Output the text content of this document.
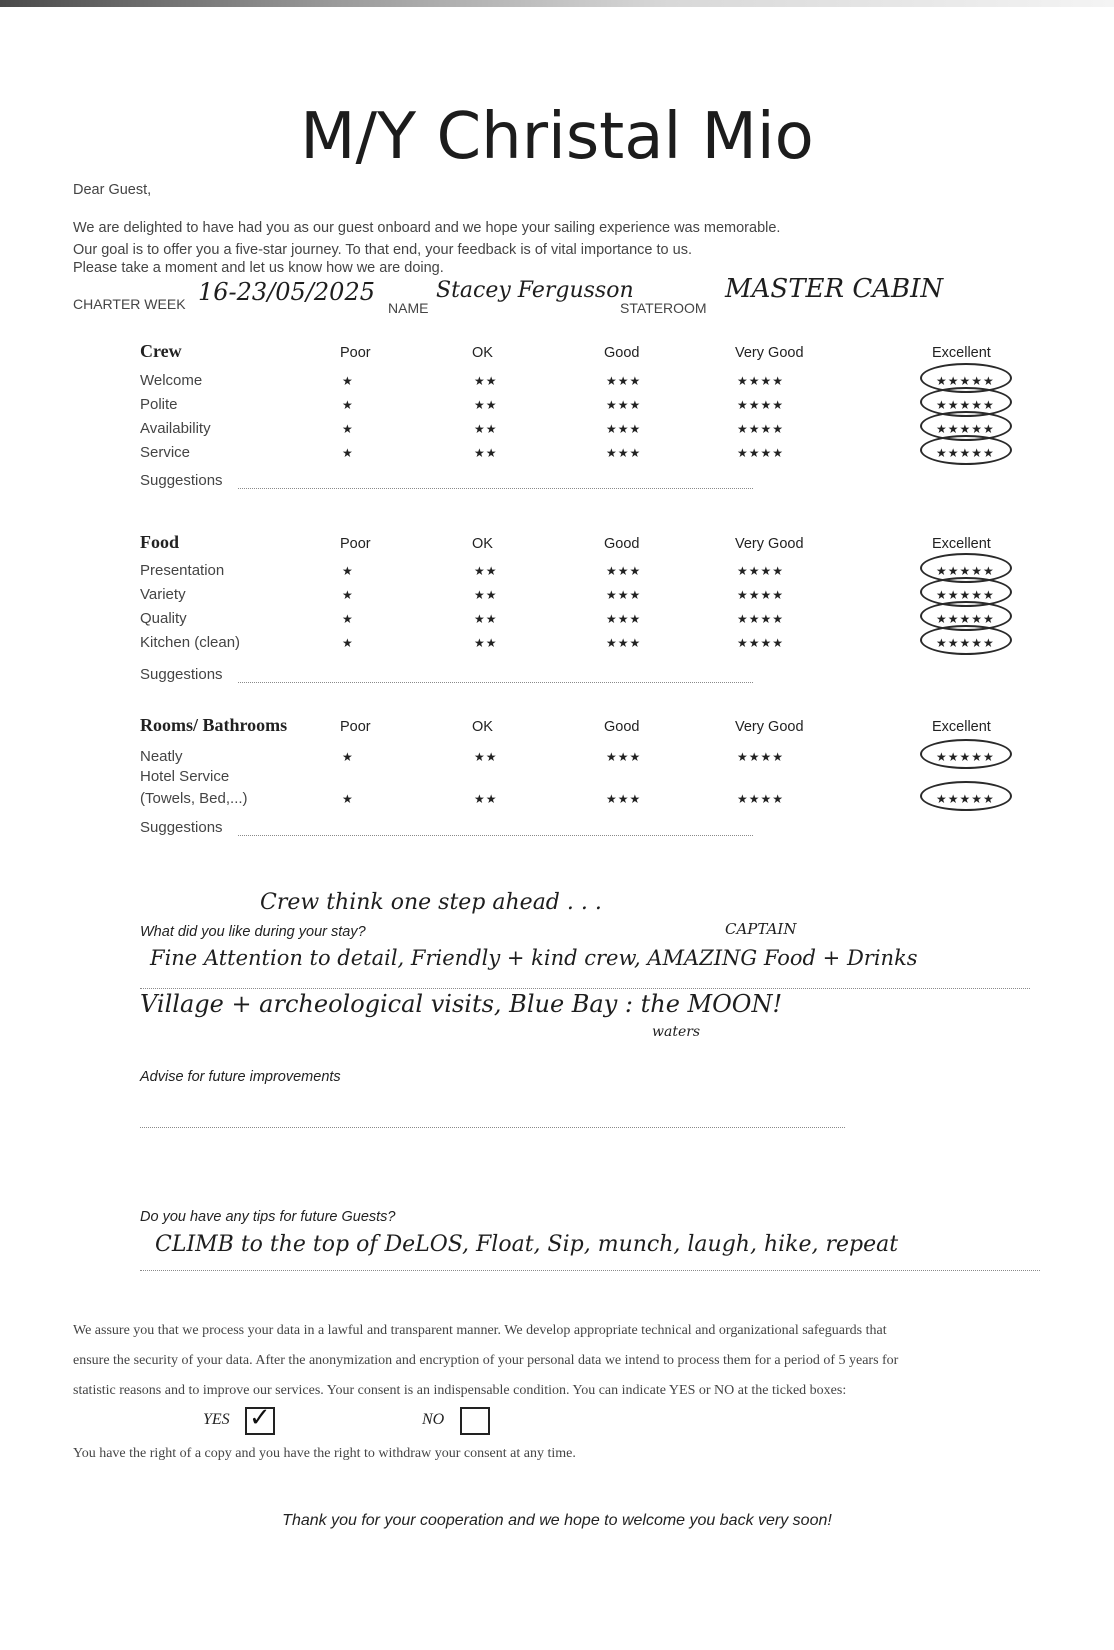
M/Y Christal Mio
Dear Guest,
We are delighted to have had you as our guest onboard and we hope your sailing experience was memorable.
Our goal is to offer you a five-star journey. To that end, your feedback is of vital importance to us.
Please take a moment and let us know how we are doing.
CHARTER WEEK 16-23/05/2025
NAME
Stacey Fergusson
STATEROOM
MASTER CABIN
Crew	Poor	OK	Good	Very Good	Excellent
Welcome	★	★★	★★★	★★★★	★★★★★
Polite	★	★★	★★★	★★★★	★★★★★
Availability	★	★★	★★★	★★★★	★★★★★
Service	★	★★	★★★	★★★★	★★★★★
Suggestions
Food	Poor	OK	Good	Very Good	Excellent
Presentation	★	★★	★★★	★★★★	★★★★★
Variety	★	★★	★★★	★★★★	★★★★★
Quality	★	★★	★★★	★★★★	★★★★★
Kitchen (clean)	★	★★	★★★	★★★★	★★★★★
Suggestions
Rooms/ Bathrooms	Poor	OK	Good	Very Good	Excellent
Neatly	★	★★	★★★	★★★★	★★★★★
Hotel Service
(Towels, Bed,...)	★	★★	★★★	★★★★	★★★★★
Suggestions
What did you like during your stay?
Crew think one step ahead . . .
CAPTAIN
Fine Attention to detail, Friendly + kind crew, AMAZING Food + Drinks
Village + archeological visits, Blue Bay : the MOON!
waters
Advise for future improvements
Do you have any tips for future Guests?
CLIMB to the top of DeLOS, Float, Sip, munch, laugh, hike, repeat
We assure you that we process your data in a lawful and transparent manner. We develop appropriate technical and organizational safeguards that
ensure the security of your data. After the anonymization and encryption of your personal data we intend to process them for a period of 5 years for
statistic reasons and to improve our services. Your consent is an indispensable condition. You can indicate YES or NO at the ticked boxes:
YES ✓	NO
You have the right of a copy and you have the right to withdraw your consent at any time.
Thank you for your cooperation and we hope to welcome you back very soon!
